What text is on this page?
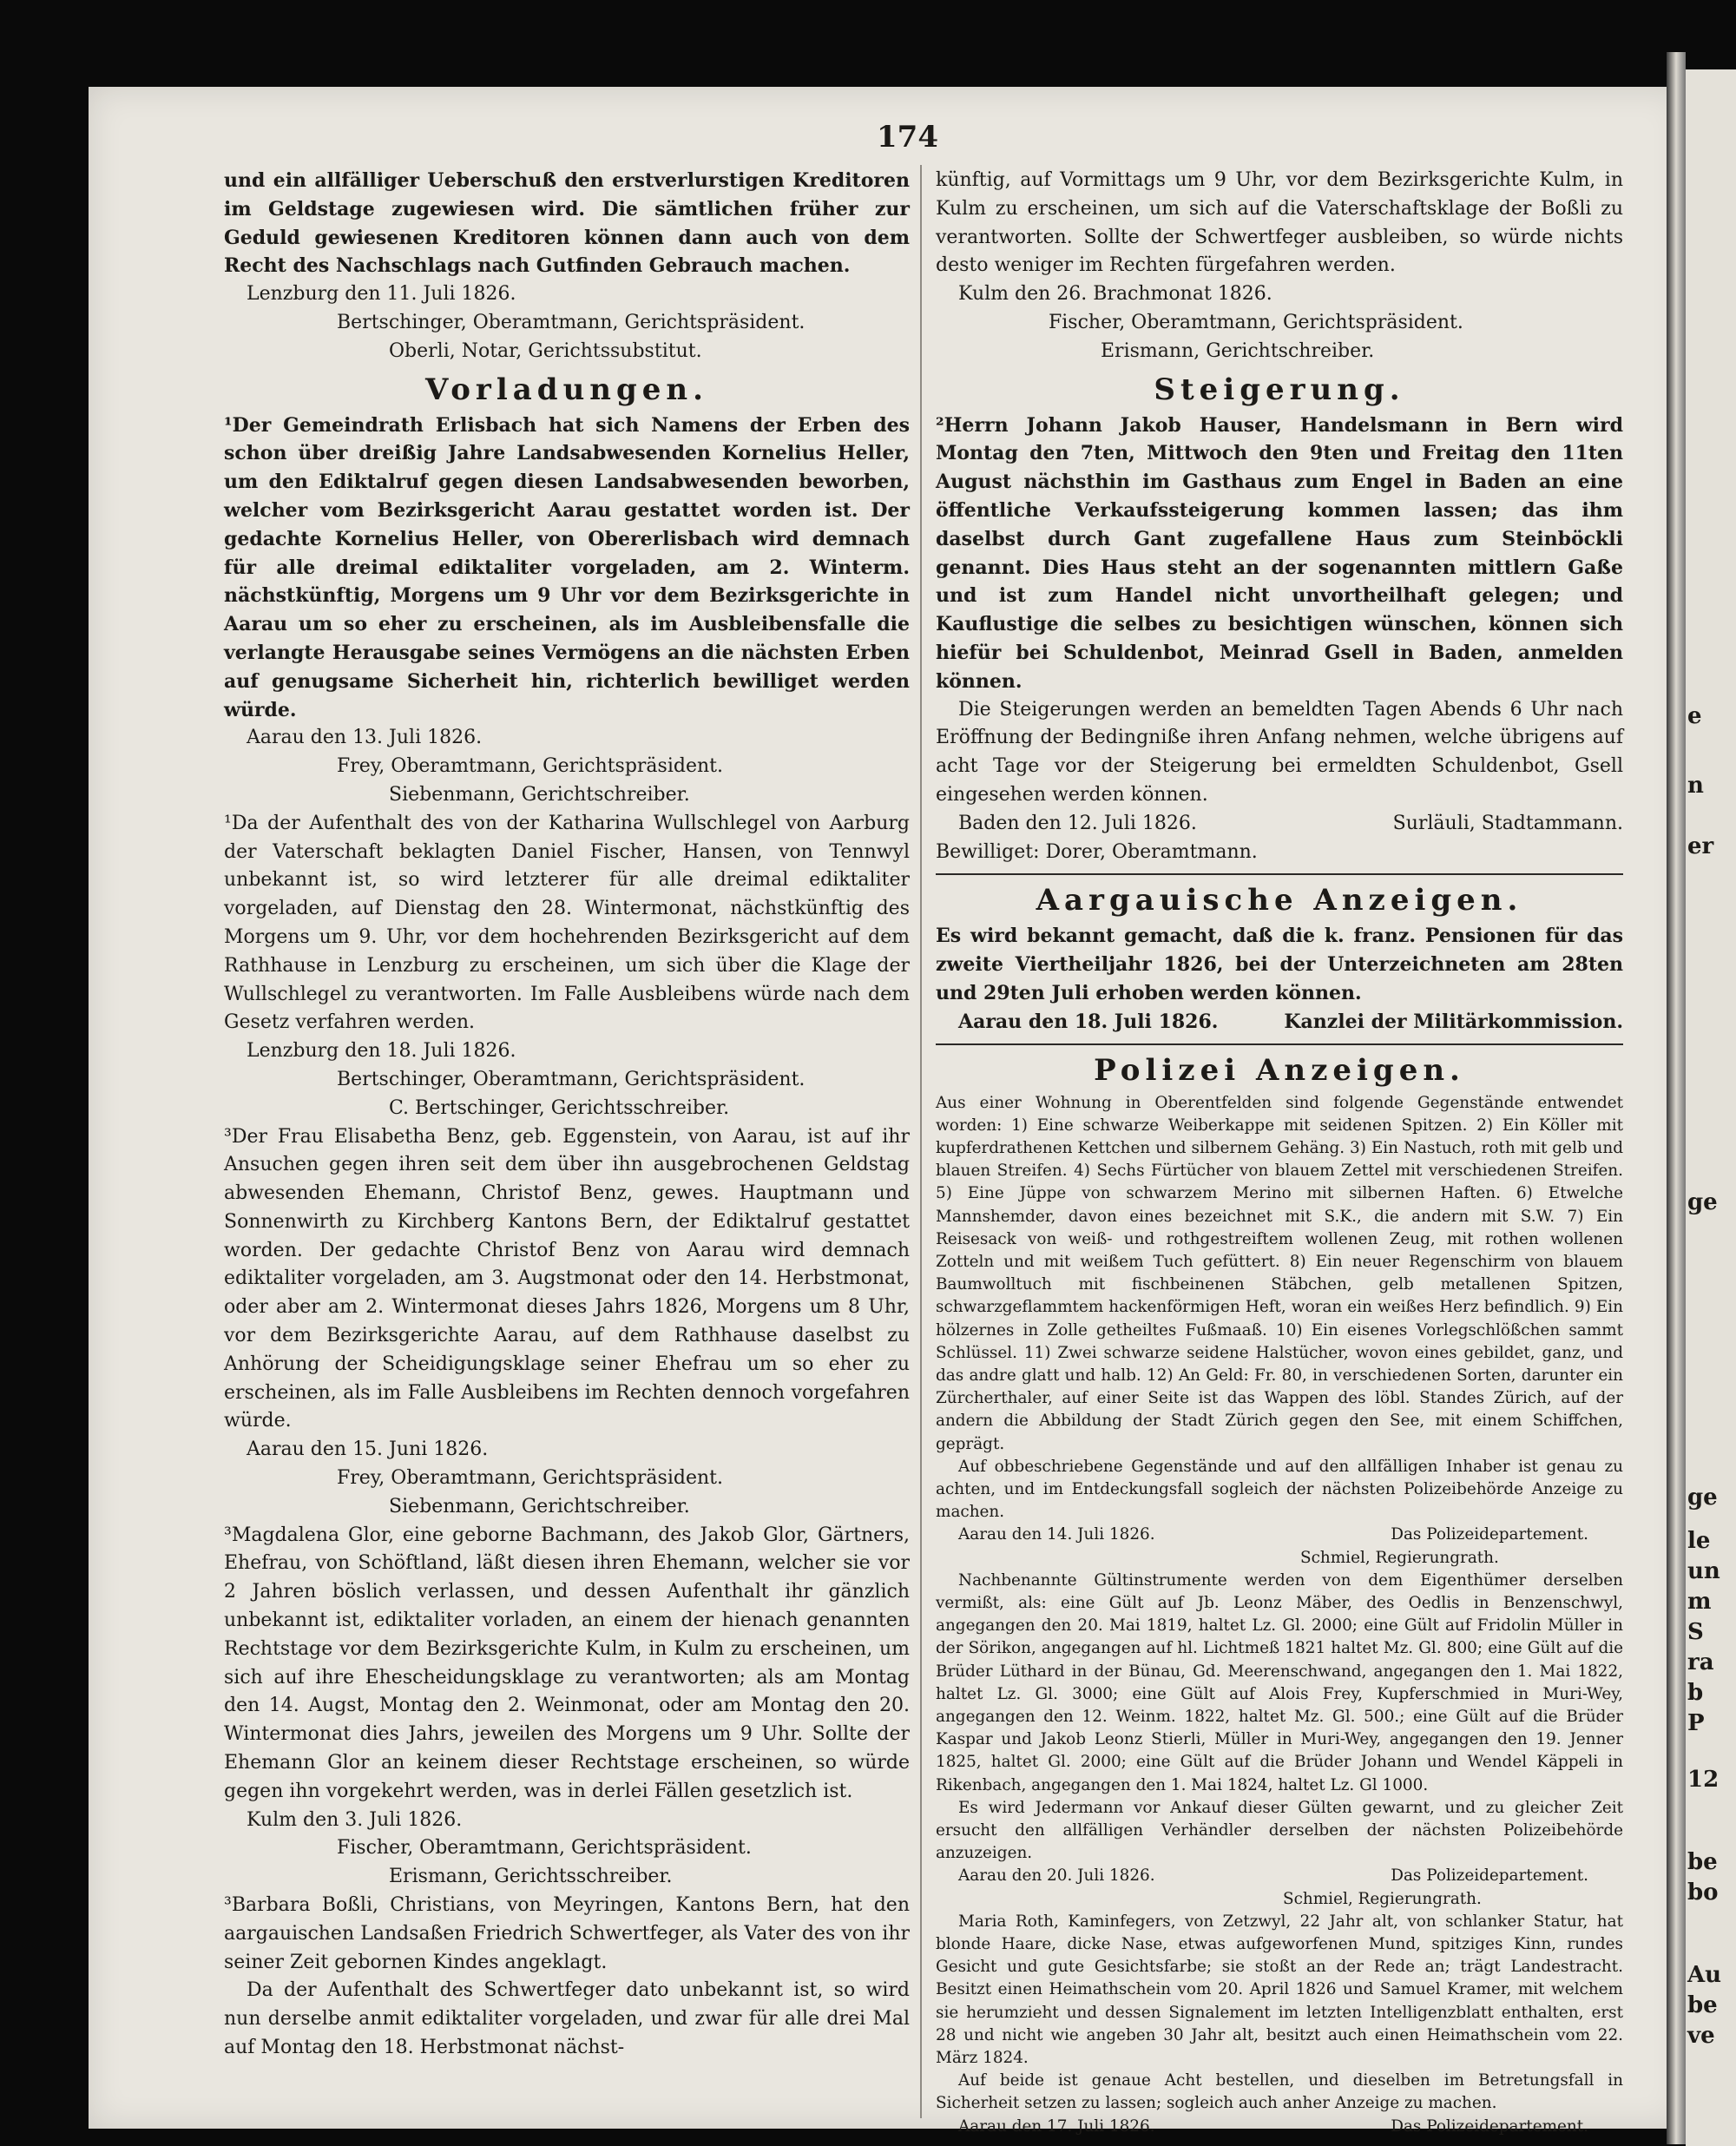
e
n
er
ge
ge
le
un
m
S
ra
b
P
12
be
bo
Au
be
ve
174

und ein allfälliger Ueberschuß den erstverlurstigen Kreditoren im Geldstage zugewiesen wird. Die sämtlichen früher zur Geduld gewiesenen Kreditoren können dann auch von dem Recht des Nachschlags nach Gutfinden Gebrauch machen.

Lenzburg den 11. Juli 1826.

Bertschinger, Oberamtmann, Gerichtspräsident.

Oberli, Notar, Gerichtssubstitut.

Vorladungen.

¹Der Gemeindrath Erlisbach hat sich Namens der Erben des schon über dreißig Jahre Landsabwesenden Kornelius Heller, um den Ediktalruf gegen diesen Landsabwesenden beworben, welcher vom Bezirksgericht Aarau gestattet worden ist. Der gedachte Kornelius Heller, von Obererlisbach wird demnach für alle dreimal ediktaliter vorgeladen, am 2. Winterm. nächstkünftig, Morgens um 9 Uhr vor dem Bezirksgerichte in Aarau um so eher zu erscheinen, als im Ausbleibensfalle die verlangte Herausgabe seines Vermögens an die nächsten Erben auf genugsame Sicherheit hin, richterlich bewilliget werden würde.

Aarau den 13. Juli 1826.

Frey, Oberamtmann, Gerichtspräsident.

Siebenmann, Gerichtschreiber.

¹Da der Aufenthalt des von der Katharina Wullschlegel von Aarburg der Vaterschaft beklagten Daniel Fischer, Hansen, von Tennwyl unbekannt ist, so wird letzterer für alle dreimal ediktaliter vorgeladen, auf Dienstag den 28. Wintermonat, nächstkünftig des Morgens um 9. Uhr, vor dem hochehrenden Bezirksgericht auf dem Rathhause in Lenzburg zu erscheinen, um sich über die Klage der Wullschlegel zu verantworten. Im Falle Ausbleibens würde nach dem Gesetz verfahren werden.

Lenzburg den 18. Juli 1826.

Bertschinger, Oberamtmann, Gerichtspräsident.

C. Bertschinger, Gerichtsschreiber.

³Der Frau Elisabetha Benz, geb. Eggenstein, von Aarau, ist auf ihr Ansuchen gegen ihren seit dem über ihn ausgebrochenen Geldstag abwesenden Ehemann, Christof Benz, gewes. Hauptmann und Sonnenwirth zu Kirchberg Kantons Bern, der Ediktalruf gestattet worden. Der gedachte Christof Benz von Aarau wird demnach ediktaliter vorgeladen, am 3. Augstmonat oder den 14. Herbstmonat, oder aber am 2. Wintermonat dieses Jahrs 1826, Morgens um 8 Uhr, vor dem Bezirksgerichte Aarau, auf dem Rathhause daselbst zu Anhörung der Scheidigungsklage seiner Ehefrau um so eher zu erscheinen, als im Falle Ausbleibens im Rechten dennoch vorgefahren würde.

Aarau den 15. Juni 1826.

Frey, Oberamtmann, Gerichtspräsident.

Siebenmann, Gerichtschreiber.

³Magdalena Glor, eine geborne Bachmann, des Jakob Glor, Gärtners, Ehefrau, von Schöftland, läßt diesen ihren Ehemann, welcher sie vor 2 Jahren böslich verlassen, und dessen Aufenthalt ihr gänzlich unbekannt ist, ediktaliter vorladen, an einem der hienach genannten Rechtstage vor dem Bezirksgerichte Kulm, in Kulm zu erscheinen, um sich auf ihre Ehescheidungsklage zu verantworten; als am Montag den 14. Augst, Montag den 2. Weinmonat, oder am Montag den 20. Wintermonat dies Jahrs, jeweilen des Morgens um 9 Uhr. Sollte der Ehemann Glor an keinem dieser Rechtstage erscheinen, so würde gegen ihn vorgekehrt werden, was in derlei Fällen gesetzlich ist.

Kulm den 3. Juli 1826.

Fischer, Oberamtmann, Gerichtspräsident.

Erismann, Gerichtsschreiber.

³Barbara Boßli, Christians, von Meyringen, Kantons Bern, hat den aargauischen Landsaßen Friedrich Schwertfeger, als Vater des von ihr seiner Zeit gebornen Kindes angeklagt.

Da der Aufenthalt des Schwertfeger dato unbekannt ist, so wird nun derselbe anmit ediktaliter vorgeladen, und zwar für alle drei Mal auf Montag den 18. Herbstmonat nächst-

künftig, auf Vormittags um 9 Uhr, vor dem Bezirksgerichte Kulm, in Kulm zu erscheinen, um sich auf die Vaterschaftsklage der Boßli zu verantworten. Sollte der Schwertfeger ausbleiben, so würde nichts desto weniger im Rechten fürgefahren werden.

Kulm den 26. Brachmonat 1826.

Fischer, Oberamtmann, Gerichtspräsident.

Erismann, Gerichtschreiber.

Steigerung.

²Herrn Johann Jakob Hauser, Handelsmann in Bern wird Montag den 7ten, Mittwoch den 9ten und Freitag den 11ten August nächsthin im Gasthaus zum Engel in Baden an eine öffentliche Verkaufssteigerung kommen lassen; das ihm daselbst durch Gant zugefallene Haus zum Steinböckli genannt. Dies Haus steht an der sogenannten mittlern Gaße und ist zum Handel nicht unvortheilhaft gelegen; und Kauflustige die selbes zu besichtigen wünschen, können sich hiefür bei Schuldenbot, Meinrad Gsell in Baden, anmelden können.

Die Steigerungen werden an bemeldten Tagen Abends 6 Uhr nach Eröffnung der Bedingniße ihren Anfang nehmen, welche übrigens auf acht Tage vor der Steigerung bei ermeldten Schuldenbot, Gsell eingesehen werden können.

Baden den 12. Juli 1826.	Surläuli, Stadtammann.

Bewilliget: Dorer, Oberamtmann.

Aargauische Anzeigen.

Es wird bekannt gemacht, daß die k. franz. Pensionen für das zweite Viertheiljahr 1826, bei der Unterzeichneten am 28ten und 29ten Juli erhoben werden können.

Aarau den 18. Juli 1826.	Kanzlei der Militärkommission.
Polizei Anzeigen.

Aus einer Wohnung in Oberentfelden sind folgende Gegenstände entwendet worden: 1) Eine schwarze Weiberkappe mit seidenen Spitzen. 2) Ein Köller mit kupferdrathenen Kettchen und silbernem Gehäng. 3) Ein Nastuch, roth mit gelb und blauen Streifen. 4) Sechs Fürtücher von blauem Zettel mit verschiedenen Streifen. 5) Eine Jüppe von schwarzem Merino mit silbernen Haften. 6) Etwelche Mannshemder, davon eines bezeichnet mit S.K., die andern mit S.W. 7) Ein Reisesack von weiß- und rothgestreiftem wollenen Zeug, mit rothen wollenen Zotteln und mit weißem Tuch gefüttert. 8) Ein neuer Regenschirm von blauem Baumwolltuch mit fischbeinenen Stäbchen, gelb metallenen Spitzen, schwarzgeflammtem hackenförmigen Heft, woran ein weißes Herz befindlich. 9) Ein hölzernes in Zolle getheiltes Fußmaaß. 10) Ein eisenes Vorlegschlößchen sammt Schlüssel. 11) Zwei schwarze seidene Halstücher, wovon eines gebildet, ganz, und das andre glatt und halb. 12) An Geld: Fr. 80, in verschiedenen Sorten, darunter ein Zürcherthaler, auf einer Seite ist das Wappen des löbl. Standes Zürich, auf der andern die Abbildung der Stadt Zürich gegen den See, mit einem Schiffchen, geprägt.

Auf obbeschriebene Gegenstände und auf den allfälligen Inhaber ist genau zu achten, und im Entdeckungsfall sogleich der nächsten Polizeibehörde Anzeige zu machen.

Aarau den 14. Juli 1826.	Das Polizeidepartement.

Schmiel, Regierungrath.

Nachbenannte Gültinstrumente werden von dem Eigenthümer derselben vermißt, als: eine Gült auf Jb. Leonz Mäber, des Oedlis in Benzenschwyl, angegangen den 20. Mai 1819, haltet Lz. Gl. 2000; eine Gült auf Fridolin Müller in der Sörikon, angegangen auf hl. Lichtmeß 1821 haltet Mz. Gl. 800; eine Gült auf die Brüder Lüthard in der Bünau, Gd. Meerenschwand, angegangen den 1. Mai 1822, haltet Lz. Gl. 3000; eine Gült auf Alois Frey, Kupferschmied in Muri-Wey, angegangen den 12. Weinm. 1822, haltet Mz. Gl. 500.; eine Gült auf die Brüder Kaspar und Jakob Leonz Stierli, Müller in Muri-Wey, angegangen den 19. Jenner 1825, haltet Gl. 2000; eine Gült auf die Brüder Johann und Wendel Käppeli in Rikenbach, angegangen den 1. Mai 1824, haltet Lz. Gl 1000.

Es wird Jedermann vor Ankauf dieser Gülten gewarnt, und zu gleicher Zeit ersucht den allfälligen Verhändler derselben der nächsten Polizeibehörde anzuzeigen.

Aarau den 20. Juli 1826.	Das Polizeidepartement.

Schmiel, Regierungrath.

Maria Roth, Kaminfegers, von Zetzwyl, 22 Jahr alt, von schlanker Statur, hat blonde Haare, dicke Nase, etwas aufgeworfenen Mund, spitziges Kinn, rundes Gesicht und gute Gesichtsfarbe; sie stoßt an der Rede an; trägt Landestracht. Besitzt einen Heimathschein vom 20. April 1826 und Samuel Kramer, mit welchem sie herumzieht und dessen Signalement im letzten Intelligenzblatt enthalten, erst 28 und nicht wie angeben 30 Jahr alt, besitzt auch einen Heimathschein vom 22. März 1824.

Auf beide ist genaue Acht bestellen, und dieselben im Betretungsfall in Sicherheit setzen zu lassen; sogleich auch anher Anzeige zu machen.

Aarau den 17. Juli 1826.	Das Polizeidepartement.
